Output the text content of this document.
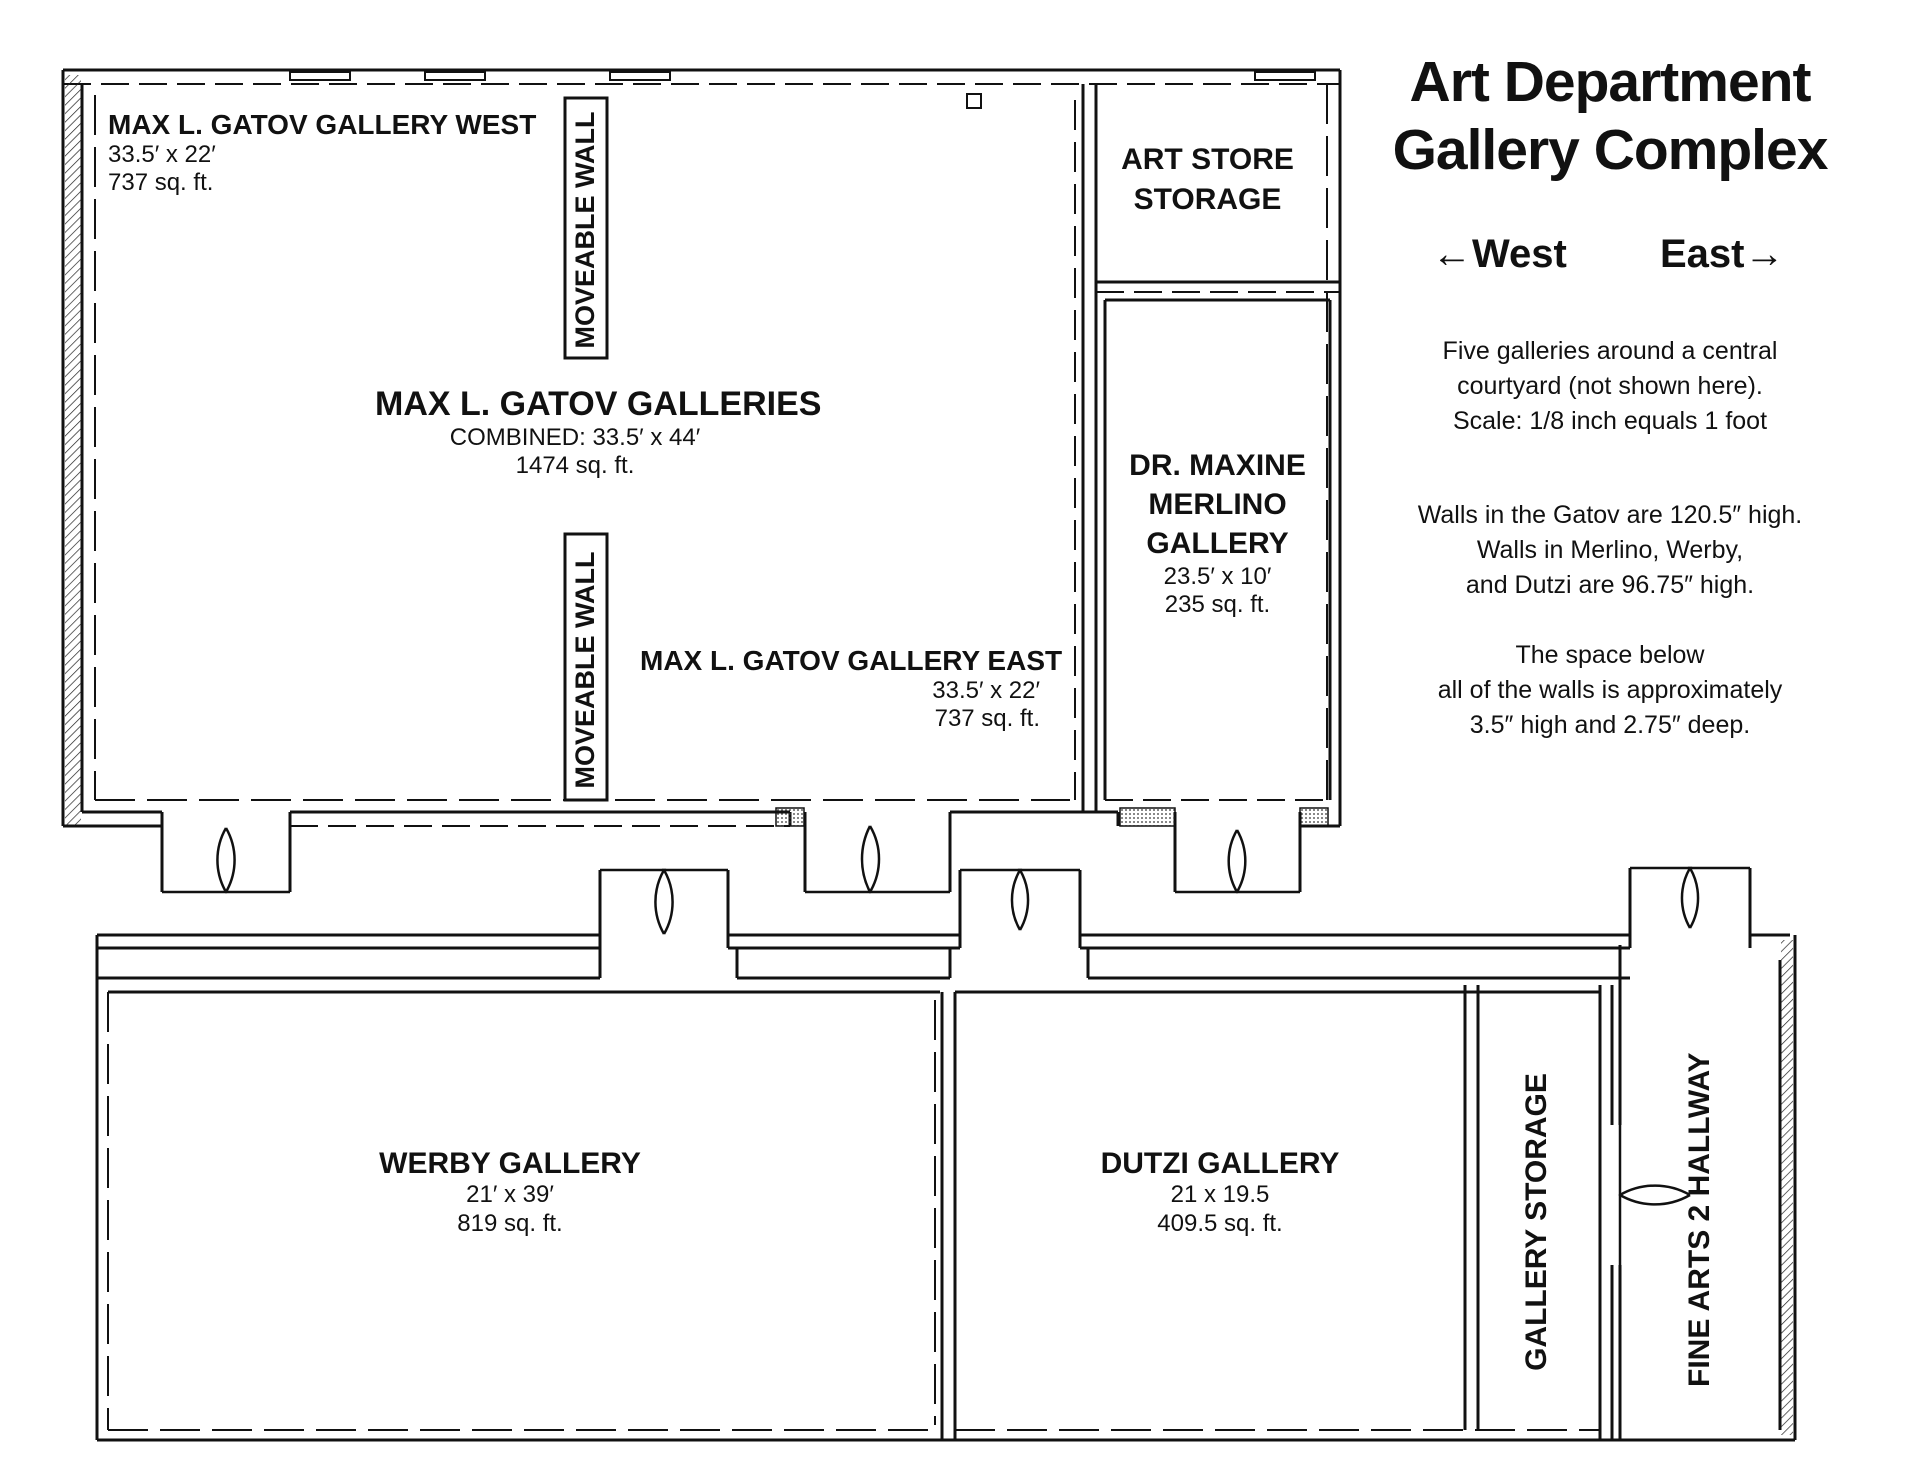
Art Department
Gallery Complex
←West East→
Five galleries around a central
courtyard (not shown here).
Scale: 1/8 inch equals 1 foot
Walls in the Gatov are 120.5″ high.
Walls in Merlino, Werby,
and Dutzi are 96.75″ high.
The space below
all of the walls is approximately
3.5″ high and 2.75″ deep.
MAX L. GATOV GALLERY WEST
33.5′ x 22′
737 sq. ft.	MOVEABLE WALL
MOVEABLE WALL
MAX L. GATOV GALLERIES
COMBINED: 33.5′ x 44′
1474 sq. ft.
MAX L. GATOV GALLERY EAST
33.5′ x 22′
737 sq. ft.
ART STORE
STORAGE
DR. MAXINE
MERLINO
GALLERY
23.5′ x 10′
235 sq. ft.
WERBY GALLERY
21′ x 39′
819 sq. ft.
DUTZI GALLERY
21 x 19.5
409.5 sq. ft.	GALLERY STORAGE	FINE ARTS 2 HALLWAY
